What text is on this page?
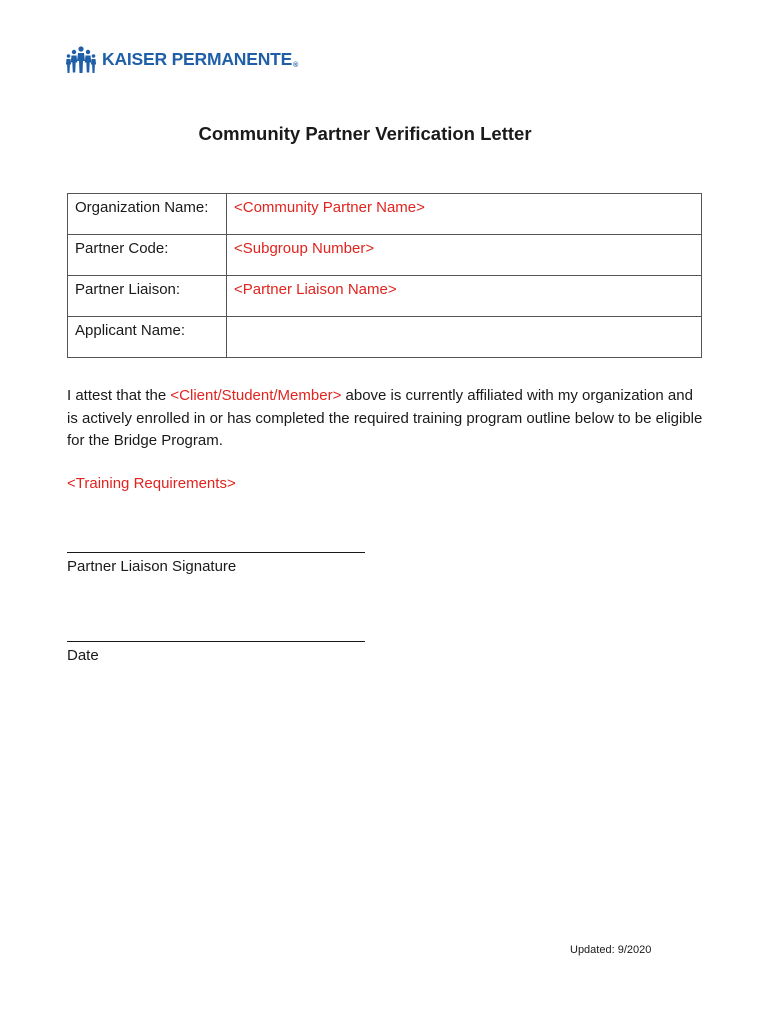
KAISER PERMANENTE®
Community Partner Verification Letter
Organization Name:	<Community Partner Name>
Partner Code:	<Subgroup Number>
Partner Liaison:	<Partner Liaison Name>
Applicant Name:	
I attest that the <Client/Student/Member> above is currently affiliated with my organization and is actively enrolled in or has completed the required training program outline below to be eligible for the Bridge Program.
<Training Requirements>
Partner Liaison Signature
Date
Updated: 9/2020
